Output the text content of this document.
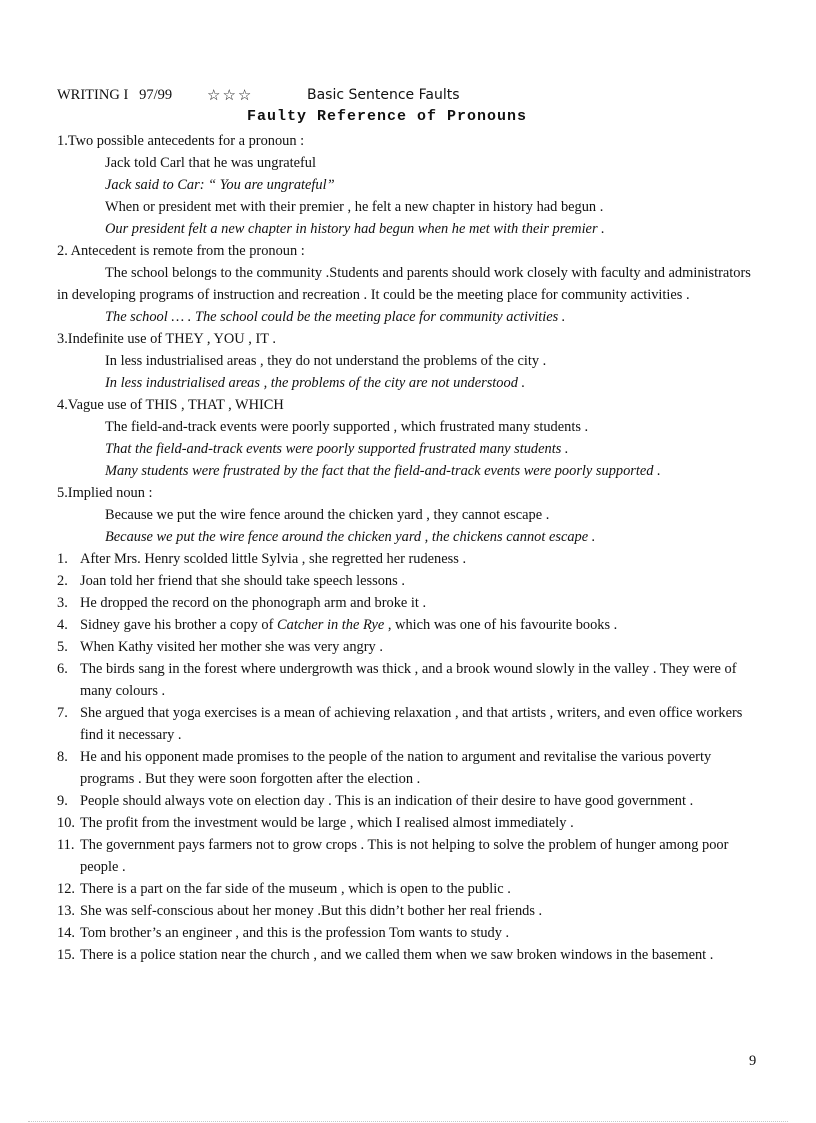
WRITING I   97/99 ☆☆☆	Basic Sentence Faults
Faulty Reference of Pronouns
1.Two possible antecedents for a pronoun :
Jack told Carl that he was ungrateful
Jack said to Car: “ You are ungrateful”
When or president met with their premier , he felt a new chapter in history had begun .
Our president felt a new chapter in history had begun when he met with their premier .
2. Antecedent is remote from the pronoun :
The school belongs to the community .Students and parents should work closely with faculty and administrators in developing programs of instruction and recreation . It could be the meeting place for community activities .
The school … . The school could be the meeting place for community activities .
3.Indefinite use of THEY , YOU , IT .
In less industrialised areas , they do not understand the problems of the city .
In less industrialised areas , the problems of the city are not understood .
4.Vague use of THIS , THAT , WHICH
The field-and-track events were poorly supported , which frustrated many students .
That the field-and-track events were poorly supported frustrated many students .
Many students were frustrated by the fact that the field-and-track events were poorly supported .
5.Implied noun :
Because we put the wire fence around the chicken yard , they cannot escape .
Because we put the wire fence around the chicken yard , the chickens cannot escape .
1. After Mrs. Henry scolded little Sylvia , she regretted her rudeness .
2. Joan told her friend that she should take speech lessons .
3. He dropped the record on the phonograph arm and broke it .
4. Sidney gave his brother a copy of Catcher in the Rye , which was one of his favourite books .
5. When Kathy visited her mother she was very angry .
6. The birds sang in the forest where undergrowth was thick , and a brook wound slowly in the valley . They were of many colours .
7. She argued that yoga exercises is a mean of achieving relaxation , and that artists , writers, and even office workers find it necessary .
8. He and his opponent made promises to the people of the nation to argument and revitalise the various poverty programs . But they were soon forgotten after the election .
9. People should always vote on election day . This is an indication of their desire to have good government .
10. The profit from the investment would be large , which I realised almost immediately .
11. The government pays farmers not to grow crops . This is not helping to solve the problem of hunger among poor people .
12. There is a part on the far side of the museum , which is open to the public .
13. She was self-conscious about her money .But this didn’t bother her real friends .
14. Tom brother’s an engineer , and this is the profession Tom wants to study .
15. There is a police station near the church , and we called them when we saw broken windows in the basement .
9
